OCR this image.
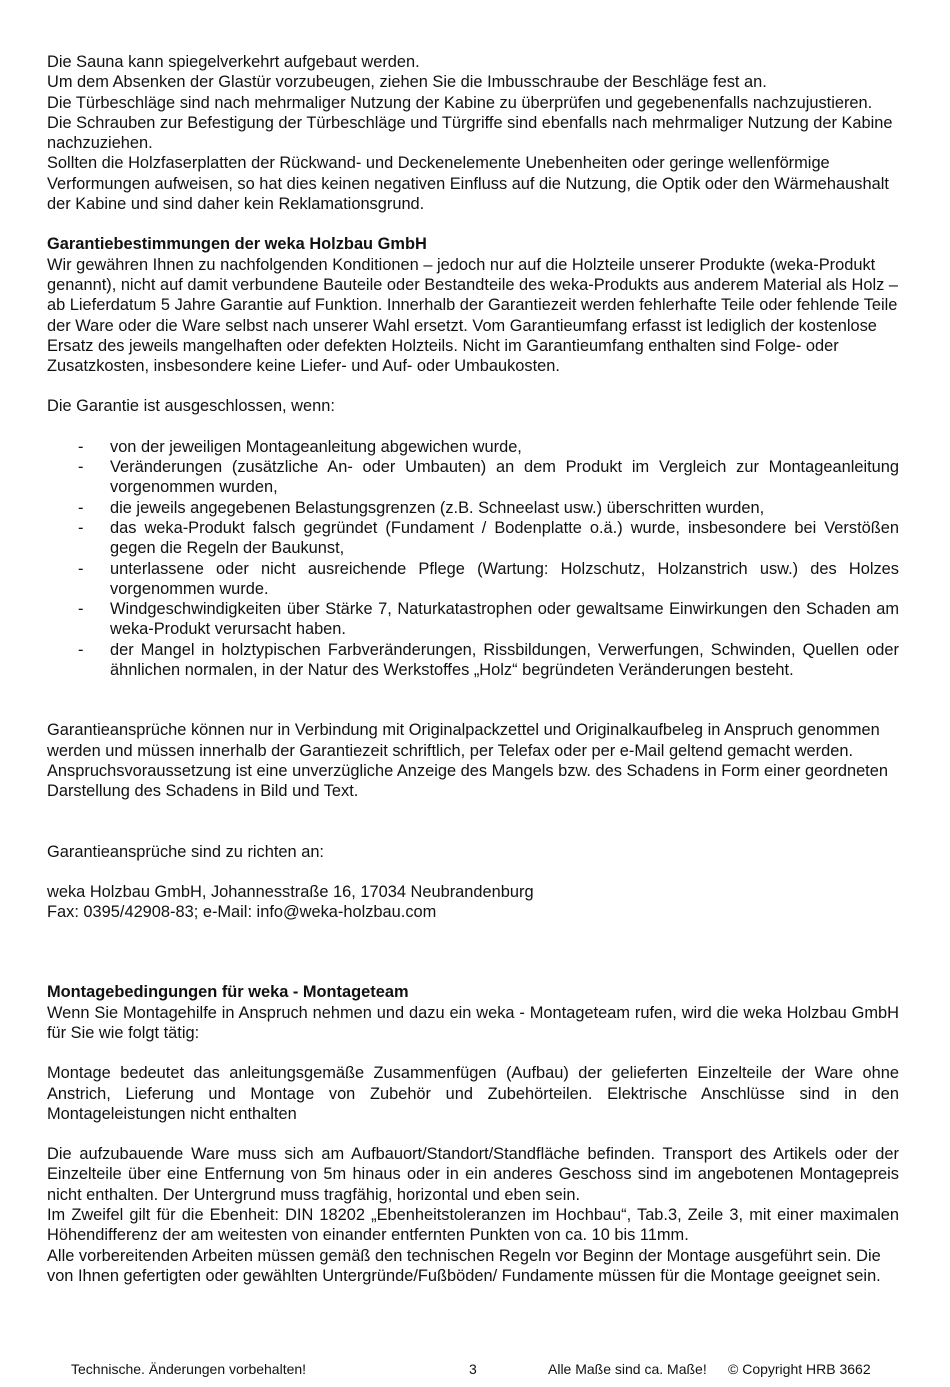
Die Sauna kann spiegelverkehrt aufgebaut werden.

Um dem Absenken der Glastür vorzubeugen, ziehen Sie die Imbusschraube der Beschläge fest an.

Die Türbeschläge sind nach mehrmaliger Nutzung der Kabine zu überprüfen und gegebenenfalls nachzujustieren. Die Schrauben zur Befestigung der Türbeschläge und Türgriffe sind ebenfalls nach mehrmaliger Nutzung der Kabine nachzuziehen.

Sollten die Holzfaserplatten der Rückwand- und Deckenelemente Unebenheiten oder geringe wellenförmige Verformungen aufweisen, so hat dies keinen negativen Einfluss auf die Nutzung, die Optik oder den Wärmehaushalt der Kabine und sind daher kein Reklamationsgrund.

Garantiebestimmungen der weka Holzbau GmbH

Wir gewähren Ihnen zu nachfolgenden Konditionen – jedoch nur auf die Holzteile unserer Produkte (weka-Produkt genannt), nicht auf damit verbundene Bauteile oder Bestandteile des weka-Produkts aus anderem Material als Holz – ab Lieferdatum 5 Jahre Garantie auf Funktion. Innerhalb der Garantiezeit werden fehlerhafte Teile oder fehlende Teile der Ware oder die Ware selbst nach unserer Wahl ersetzt. Vom Garantieumfang erfasst ist lediglich der kostenlose Ersatz des jeweils mangelhaften oder defekten Holzteils. Nicht im Garantieumfang enthalten sind Folge- oder Zusatzkosten, insbesondere keine Liefer- und Auf- oder Umbaukosten.

Die Garantie ist ausgeschlossen, wenn:

- von der jeweiligen Montageanleitung abgewichen wurde,
- Veränderungen (zusätzliche An- oder Umbauten) an dem Produkt im Vergleich zur Montageanleitung vorgenommen wurden,
- die jeweils angegebenen Belastungsgrenzen (z.B. Schneelast usw.) überschritten wurden,
- das weka-Produkt falsch gegründet (Fundament / Bodenplatte o.ä.) wurde, insbesondere bei Verstößen gegen die Regeln der Baukunst,
- unterlassene oder nicht ausreichende Pflege (Wartung: Holzschutz, Holzanstrich usw.) des Holzes vorgenommen wurde.
- Windgeschwindigkeiten über Stärke 7, Naturkatastrophen oder gewaltsame Einwirkungen den Schaden am weka-Produkt verursacht haben.
- der Mangel in holztypischen Farbveränderungen, Rissbildungen, Verwerfungen, Schwinden, Quellen oder ähnlichen normalen, in der Natur des Werkstoffes „Holz“ begründeten Veränderungen besteht.

Garantieansprüche können nur in Verbindung mit Originalpackzettel und Originalkaufbeleg in Anspruch genommen werden und müssen innerhalb der Garantiezeit schriftlich, per Telefax oder per e-Mail geltend gemacht werden. Anspruchsvoraussetzung ist eine unverzügliche Anzeige des Mangels bzw. des Schadens in Form einer geordneten Darstellung des Schadens in Bild und Text.

Garantieansprüche sind zu richten an:

weka Holzbau GmbH, Johannesstraße 16, 17034 Neubrandenburg

Fax: 0395/42908-83; e-Mail: info@weka-holzbau.com

Montagebedingungen für weka - Montageteam

Wenn Sie Montagehilfe in Anspruch nehmen und dazu ein weka - Montageteam rufen, wird die weka Holzbau GmbH für Sie wie folgt tätig:

Montage bedeutet das anleitungsgemäße Zusammenfügen (Aufbau) der gelieferten Einzelteile der Ware ohne Anstrich, Lieferung und Montage von Zubehör und Zubehörteilen. Elektrische Anschlüsse sind in den Montageleistungen nicht enthalten

Die aufzubauende Ware muss sich am Aufbauort/Standort/Standfläche befinden. Transport des Artikels oder der Einzelteile über eine Entfernung von 5m hinaus oder in ein anderes Geschoss sind im angebotenen Montagepreis nicht enthalten. Der Untergrund muss tragfähig, horizontal und eben sein.

Im Zweifel gilt für die Ebenheit: DIN 18202 „Ebenheitstoleranzen im Hochbau“, Tab.3, Zeile 3, mit einer maximalen Höhendifferenz der am weitesten von einander entfernten Punkten von ca. 10 bis 11mm.

Alle vorbereitenden Arbeiten müssen gemäß den technischen Regeln vor Beginn der Montage ausgeführt sein. Die von Ihnen gefertigten oder gewählten Untergründe/Fußböden/ Fundamente müssen für die Montage geeignet sein.

Technische. Änderungen vorbehalten!	3	Alle Maße sind ca. Maße! © Copyright HRB 3662
